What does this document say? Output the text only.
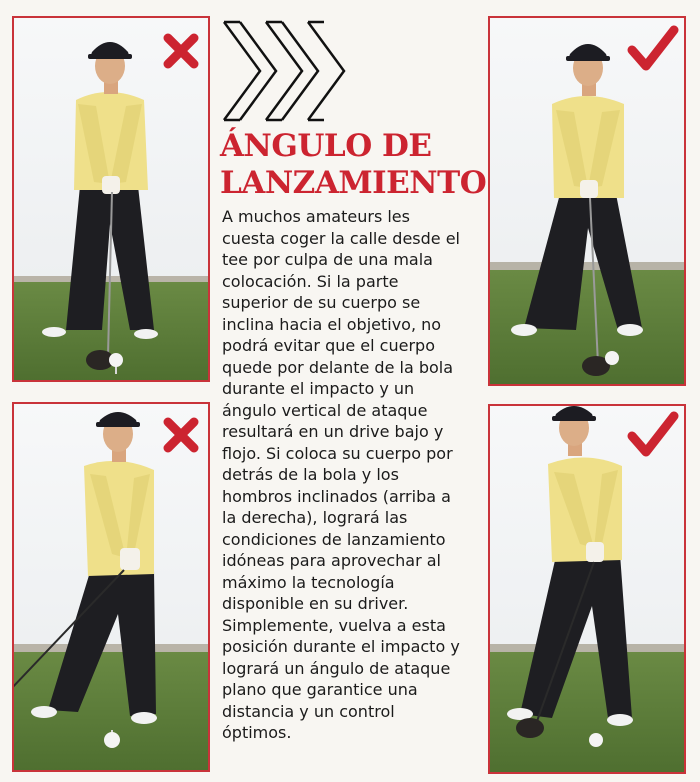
ÁNGULO DE
LANZAMIENTO

A muchos amateurs les
cuesta coger la calle desde el
tee por culpa de una mala
colocación. Si la parte
superior de su cuerpo se
inclina hacia el objetivo, no
podrá evitar que el cuerpo
quede por delante de la bola
durante el impacto y un
ángulo vertical de ataque
resultará en un drive bajo y
flojo. Si coloca su cuerpo por
detrás de la bola y los
hombros inclinados (arriba a
la derecha), logrará las
condiciones de lanzamiento
idóneas para aprovechar al
máximo la tecnología
disponible en su driver.
Simplemente, vuelva a esta
posición durante el impacto y
logrará un ángulo de ataque
plano que garantice una
distancia y un control
óptimos.
